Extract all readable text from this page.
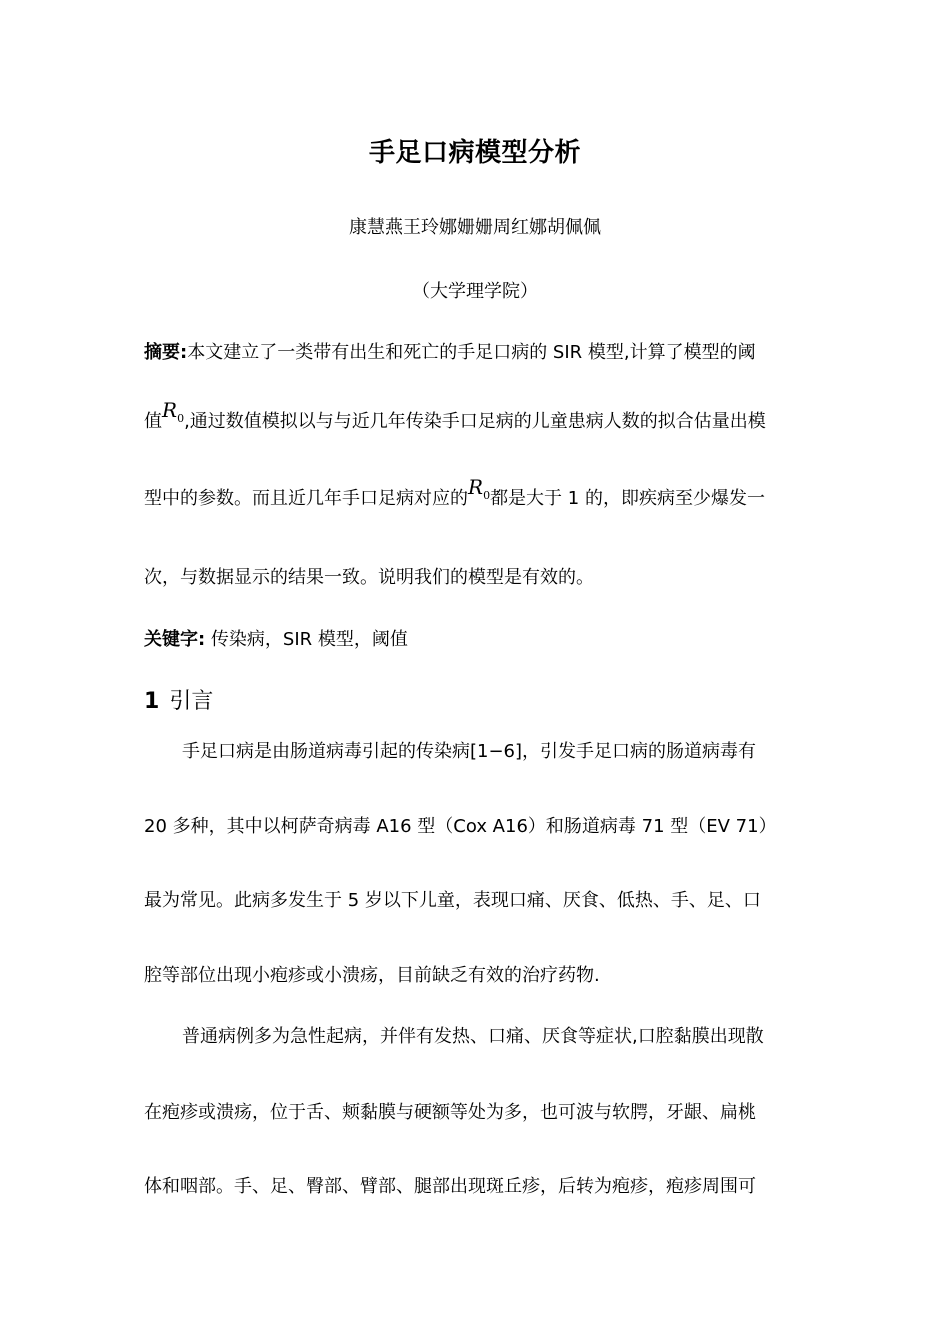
手足口病模型分析
康慧燕王玲娜姗姗周红娜胡佩佩
（大学理学院）
摘要:本文建立了一类带有出生和死亡的手足口病的 SIR 模型,计算了模型的阈
值$R_0$,通过数值模拟以与与近几年传染手口足病的儿童患病人数的拟合估量出模
型中的参数。而且近几年手口足病对应的$R_0$都是大于 1 的，即疾病至少爆发一
次，与数据显示的结果一致。说明我们的模型是有效的。
关键字: 传染病，SIR 模型，阈值
1 引言
手足口病是由肠道病毒引起的传染病[1−6]，引发手足口病的肠道病毒有
20 多种，其中以柯萨奇病毒 A16 型（Cox A16）和肠道病毒 71 型（EV 71）
最为常见。此病多发生于 5 岁以下儿童，表现口痛、厌食、低热、手、足、口
腔等部位出现小疱疹或小溃疡，目前缺乏有效的治疗药物.
普通病例多为急性起病，并伴有发热、口痛、厌食等症状,口腔黏膜出现散
在疱疹或溃疡，位于舌、颊黏膜与硬额等处为多，也可波与软腭，牙龈、扁桃
体和咽部。手、足、臀部、臂部、腿部出现斑丘疹，后转为疱疹，疱疹周围可
